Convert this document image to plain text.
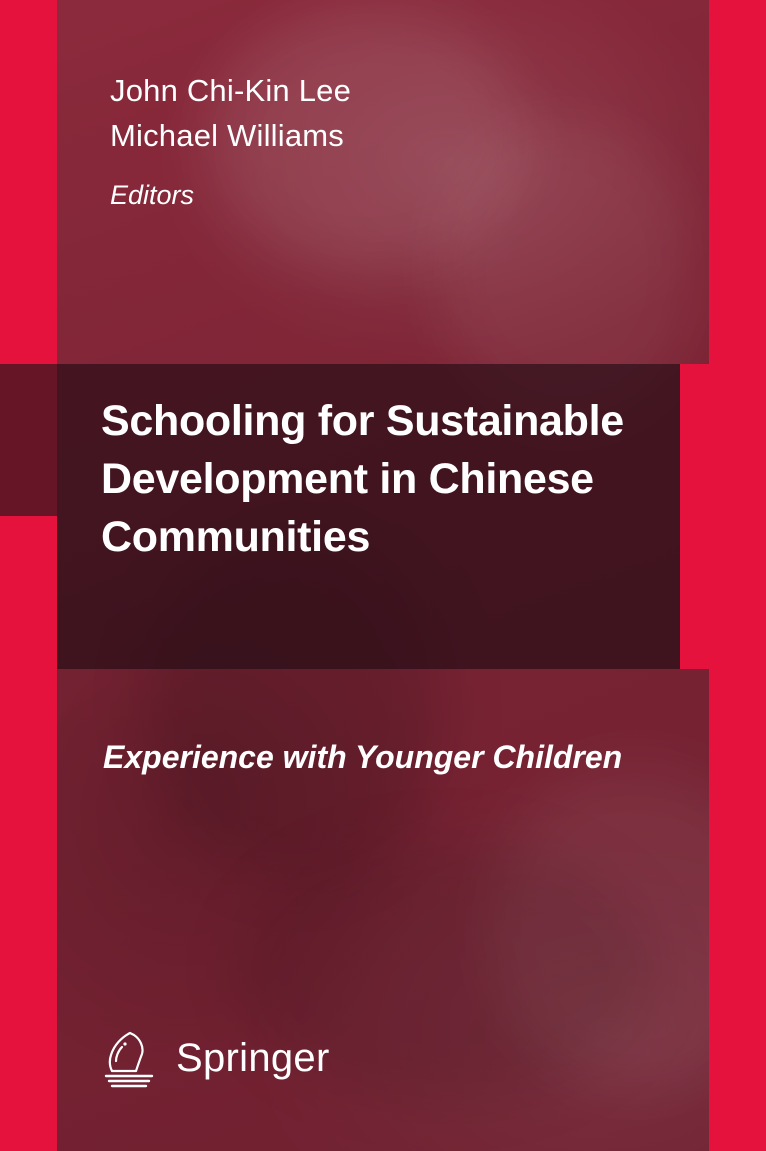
John Chi-Kin Lee
Michael Williams
Editors
Schooling for Sustainable Development in Chinese Communities
Experience with Younger Children
Springer
